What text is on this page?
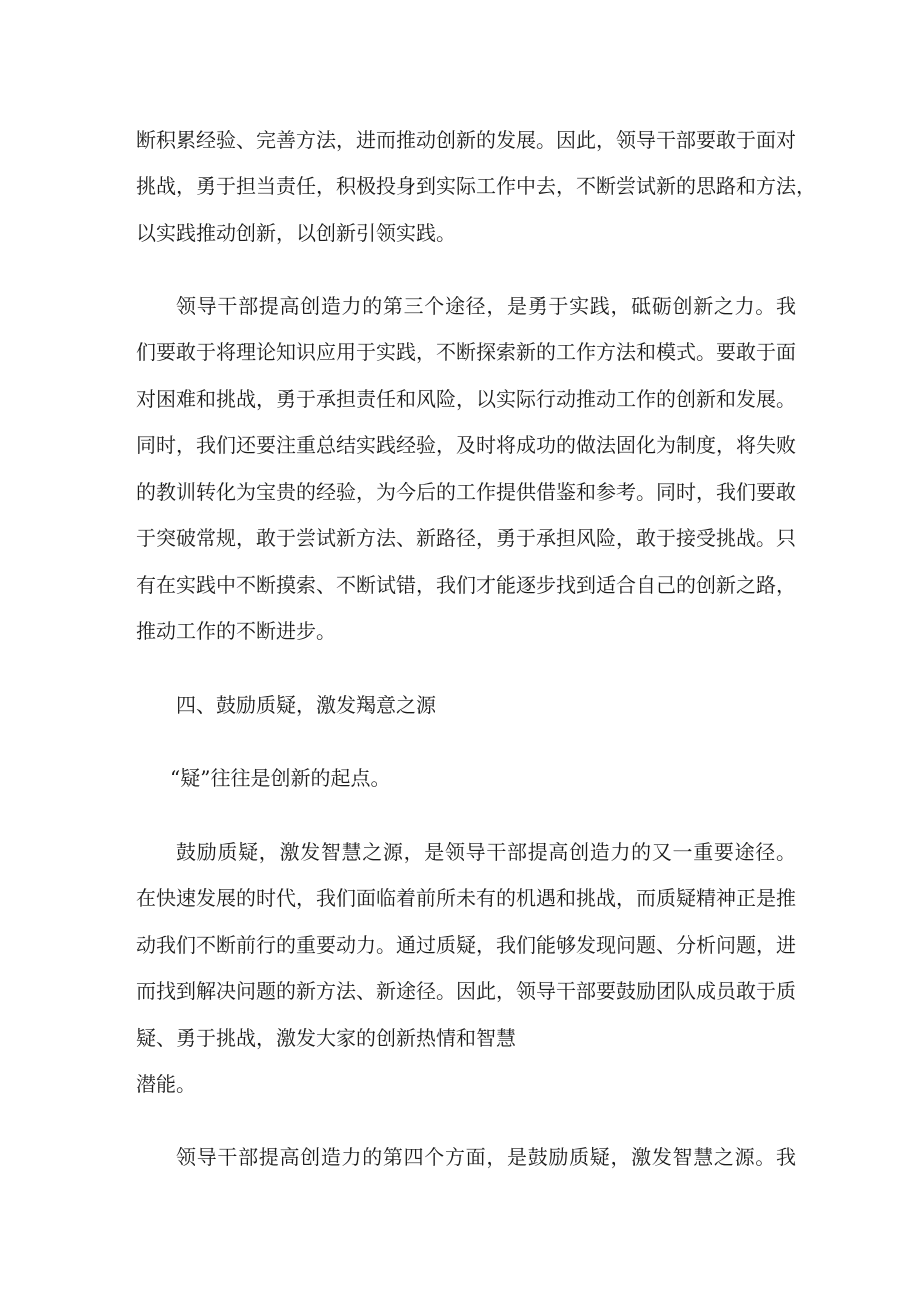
断积累经验、完善方法，进而推动创新的发展。因此，领导干部要敢于面对
挑战，勇于担当责任，积极投身到实际工作中去，不断尝试新的思路和方法，
以实践推动创新，以创新引领实践。
领导干部提高创造力的第三个途径，是勇于实践，砥砺创新之力。我
们要敢于将理论知识应用于实践，不断探索新的工作方法和模式。要敢于面
对困难和挑战，勇于承担责任和风险，以实际行动推动工作的创新和发展。
同时，我们还要注重总结实践经验，及时将成功的做法固化为制度，将失败
的教训转化为宝贵的经验，为今后的工作提供借鉴和参考。同时，我们要敢
于突破常规，敢于尝试新方法、新路径，勇于承担风险，敢于接受挑战。只
有在实践中不断摸索、不断试错，我们才能逐步找到适合自己的创新之路，
推动工作的不断进步。
四、鼓励质疑，激发羯意之源
“疑”往往是创新的起点。
鼓励质疑，激发智慧之源，是领导干部提高创造力的又一重要途径。
在快速发展的时代，我们面临着前所未有的机遇和挑战，而质疑精神正是推
动我们不断前行的重要动力。通过质疑，我们能够发现问题、分析问题，进
而找到解决问题的新方法、新途径。因此，领导干部要鼓励团队成员敢于质
疑、勇于挑战，激发大家的创新热情和智慧
潜能。
领导干部提高创造力的第四个方面，是鼓励质疑，激发智慧之源。我
